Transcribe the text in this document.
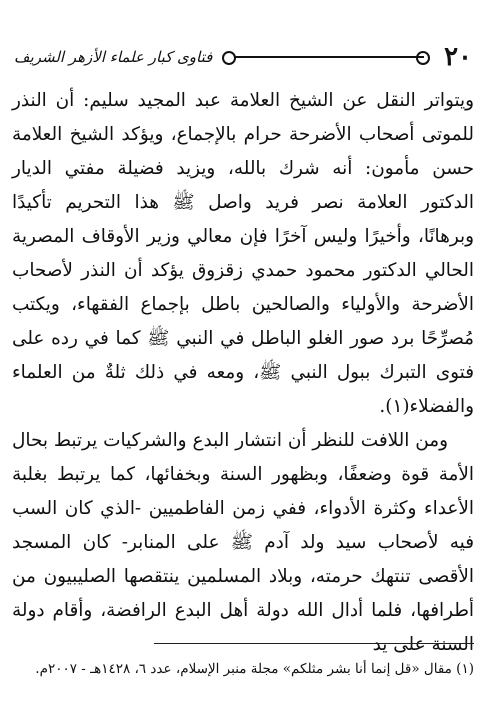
٢٠
فتاوى كبار علماء الأزهر الشريف

ويتواتر النقل عن الشيخ العلامة عبد المجيد سليم: أن النذر للموتى أصحاب الأضرحة حرام بالإجماع، ويؤكد الشيخ العلامة حسن مأمون: أنه شرك بالله، ويزيد فضيلة مفتي الديار الدكتور العلامة نصر فريد واصل ﷺ هذا التحريم تأكيدًا وبرهانًا، وأخيرًا وليس آخرًا فإن معالي وزير الأوقاف المصرية الحالي الدكتور محمود حمدي زقزوق يؤكد أن النذر لأصحاب الأضرحة والأولياء والصالحين باطل بإجماع الفقهاء، ويكتب مُصرِّحًا برد صور الغلو الباطل في النبي ﷺ كما في رده على فتوى التبرك ببول النبي ﷺ، ومعه في ذلك ثلةٌ من العلماء والفضلاء(١).

ومن اللافت للنظر أن انتشار البدع والشركيات يرتبط بحال الأمة قوة وضعفًا، وبظهور السنة وبخفائها، كما يرتبط بغلبة الأعداء وكثرة الأدواء، ففي زمن الفاطميين -الذي كان السب فيه لأصحاب سيد ولد آدم ﷺ على المنابر- كان المسجد الأقصى تنتهك حرمته، وبلاد المسلمين ينتقصها الصليبيون من أطرافها، فلما أدال الله دولة أهل البدع الرافضة، وأقام دولة السنة على يد

(١) مقال «قل إنما أنا بشر مثلكم» مجلة منبر الإسلام، عدد ٦، ١٤٢٨هـ - ٢٠٠٧م.
